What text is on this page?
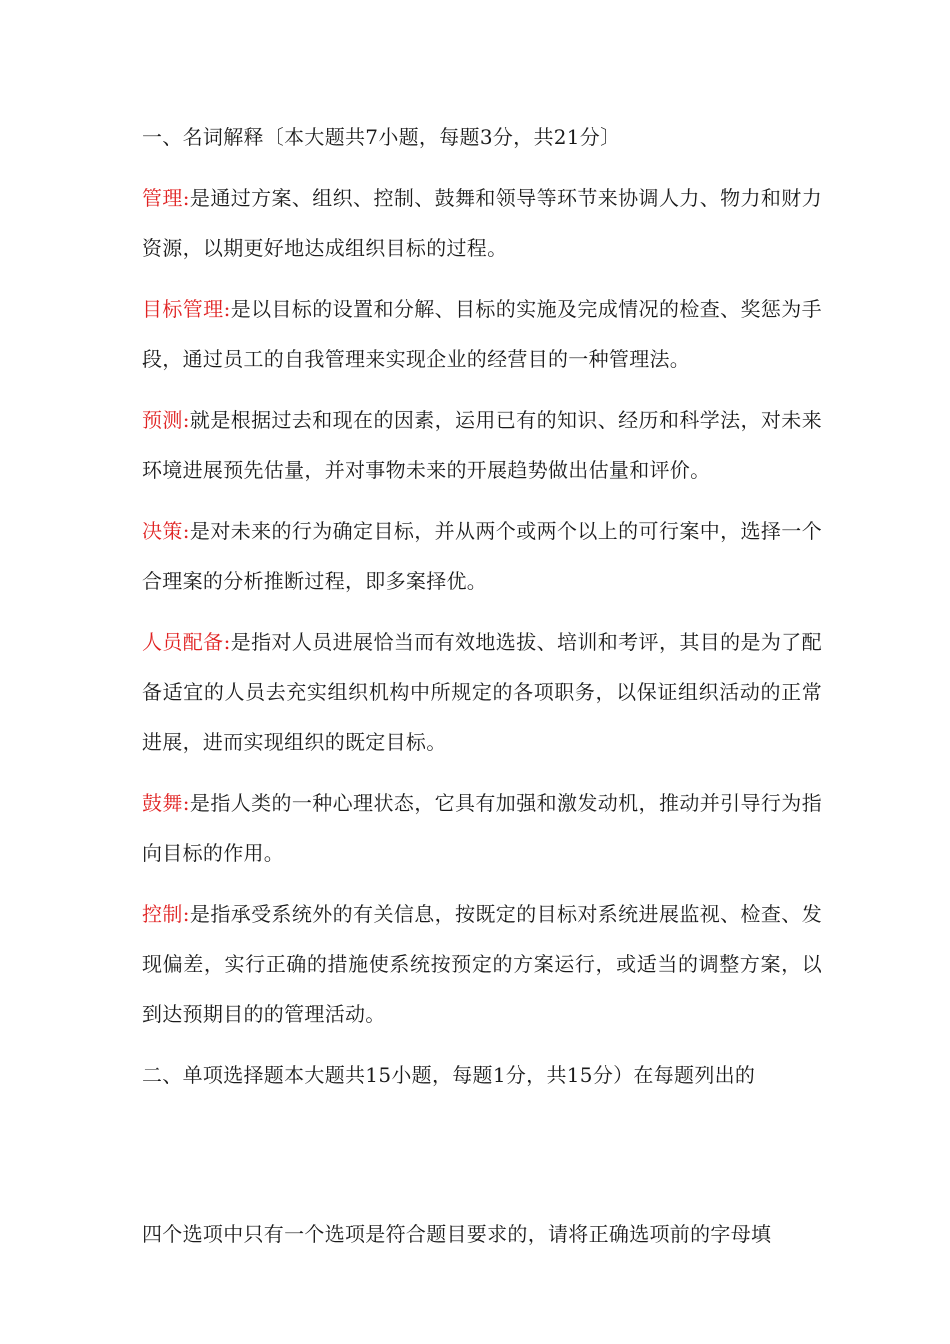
一、名词解释〔本大题共7小题，每题3分，共21分〕

管理:是通过方案、组织、控制、鼓舞和领导等环节来协调人力、物力和财力资源，以期更好地达成组织目标的过程。

目标管理:是以目标的设置和分解、目标的实施及完成情况的检查、奖惩为手段，通过员工的自我管理来实现企业的经营目的一种管理法。

预测:就是根据过去和现在的因素，运用已有的知识、经历和科学法，对未来环境进展预先估量，并对事物未来的开展趋势做出估量和评价。

决策:是对未来的行为确定目标，并从两个或两个以上的可行案中，选择一个合理案的分析推断过程，即多案择优。

人员配备:是指对人员进展恰当而有效地选拔、培训和考评，其目的是为了配备适宜的人员去充实组织机构中所规定的各项职务，以保证组织活动的正常进展，进而实现组织的既定目标。

鼓舞:是指人类的一种心理状态，它具有加强和激发动机，推动并引导行为指向目标的作用。

控制:是指承受系统外的有关信息，按既定的目标对系统进展监视、检查、发现偏差，实行正确的措施使系统按预定的方案运行，或适当的调整方案，以到达预期目的的管理活动。

二、单项选择题本大题共15小题，每题1分，共15分）在每题列出的

四个选项中只有一个选项是符合题目要求的，请将正确选项前的字母填
